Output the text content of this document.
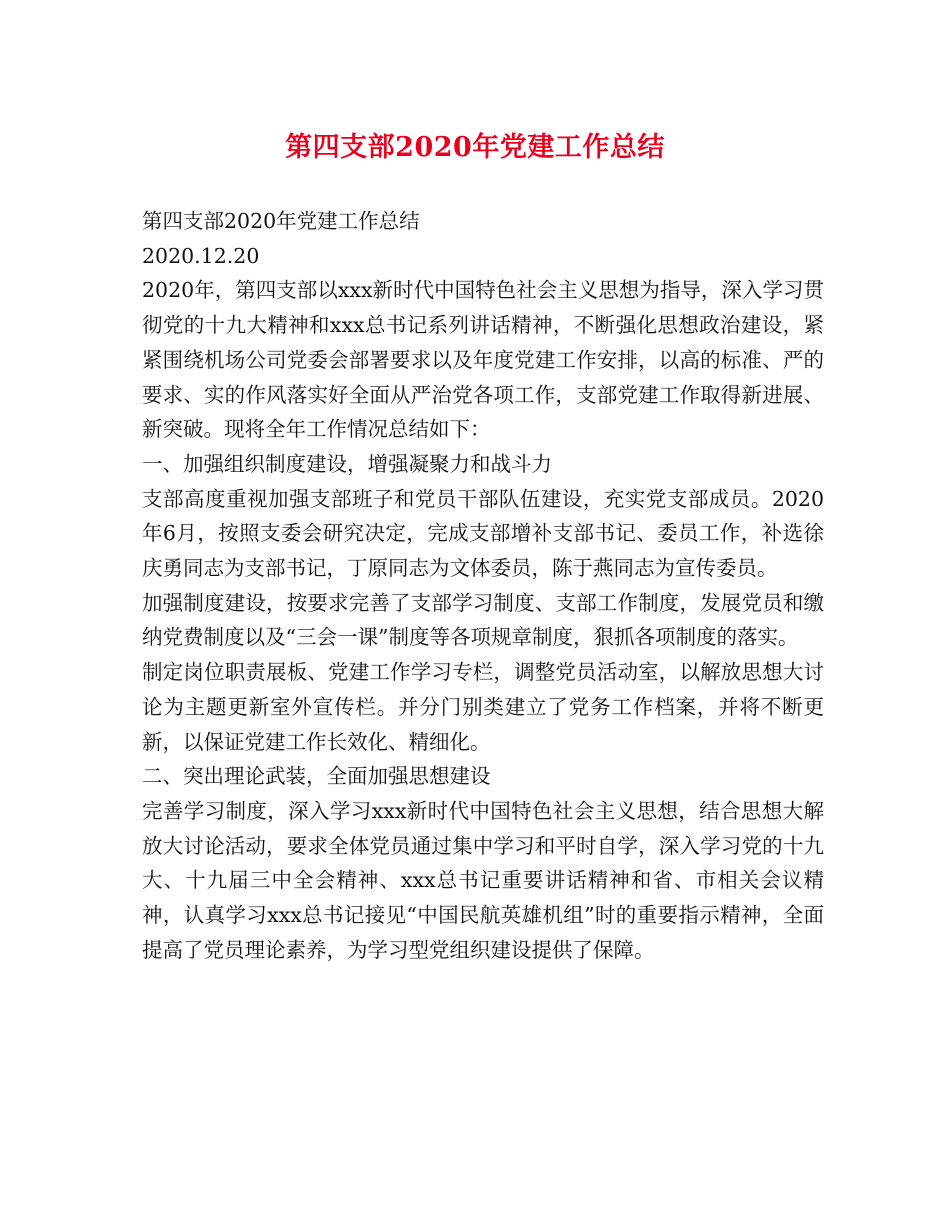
第四支部2020年党建工作总结

第四支部2020年党建工作总结

2020.12.20

2020年，第四支部以xxx新时代中国特色社会主义思想为指导，深入学习贯彻党的十九大精神和xxx总书记系列讲话精神，不断强化思想政治建设，紧紧围绕机场公司党委会部署要求以及年度党建工作安排，以高的标准、严的要求、实的作风落实好全面从严治党各项工作，支部党建工作取得新进展、新突破。现将全年工作情况总结如下：

一、加强组织制度建设，增强凝聚力和战斗力

支部高度重视加强支部班子和党员干部队伍建设，充实党支部成员。2020年6月，按照支委会研究决定，完成支部增补支部书记、委员工作，补选徐庆勇同志为支部书记，丁原同志为文体委员，陈于燕同志为宣传委员。

加强制度建设，按要求完善了支部学习制度、支部工作制度，发展党员和缴纳党费制度以及“三会一课”制度等各项规章制度，狠抓各项制度的落实。

制定岗位职责展板、党建工作学习专栏，调整党员活动室，以解放思想大讨论为主题更新室外宣传栏。并分门别类建立了党务工作档案，并将不断更新，以保证党建工作长效化、精细化。

二、突出理论武装，全面加强思想建设

完善学习制度，深入学习xxx新时代中国特色社会主义思想，结合思想大解放大讨论活动，要求全体党员通过集中学习和平时自学，深入学习党的十九大、十九届三中全会精神、xxx总书记重要讲话精神和省、市相关会议精神，认真学习xxx总书记接见“中国民航英雄机组”时的重要指示精神，全面提高了党员理论素养，为学习型党组织建设提供了保障。
